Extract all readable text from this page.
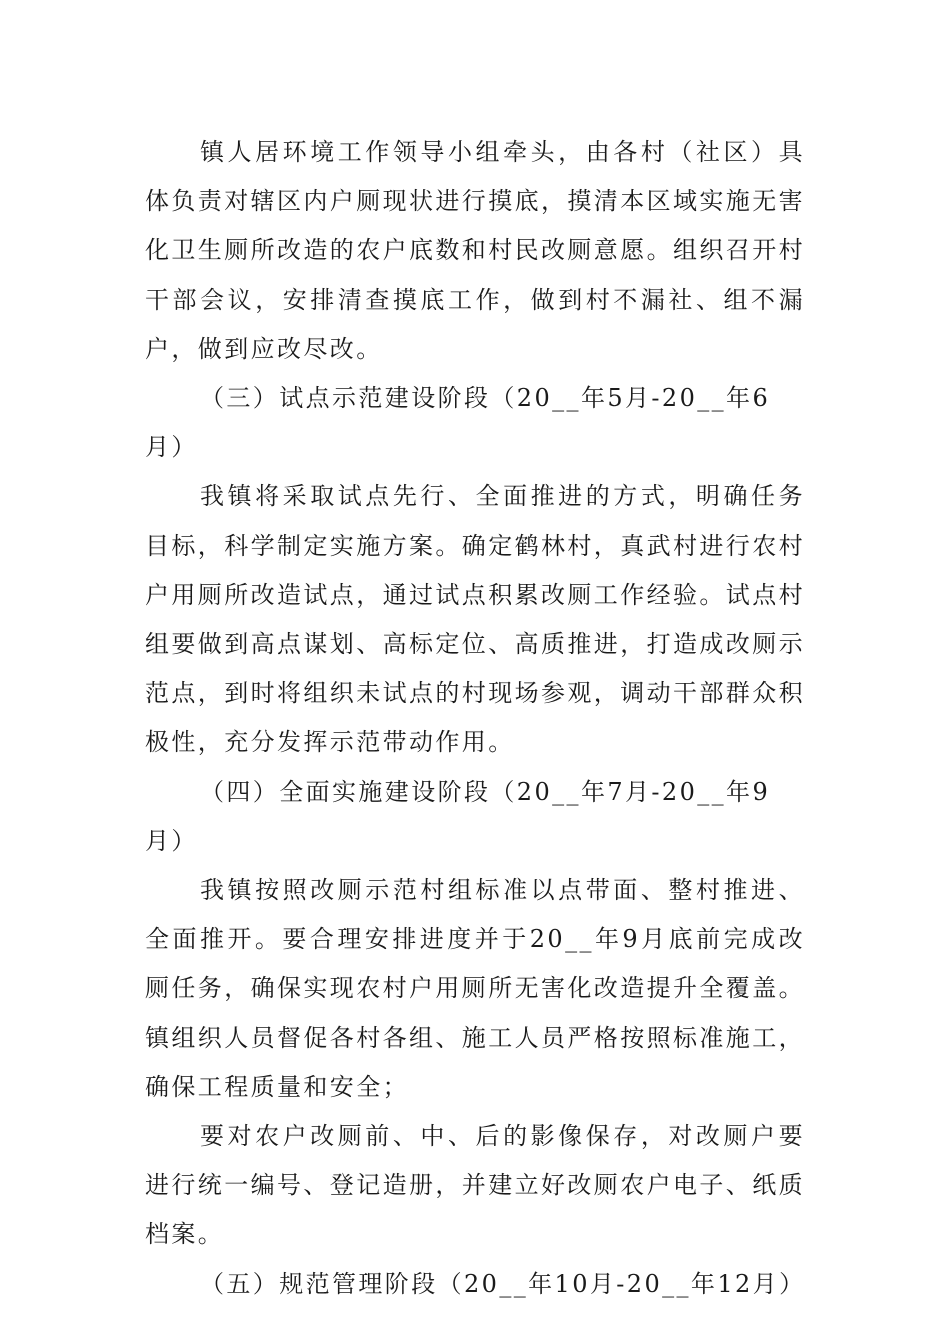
镇人居环境工作领导小组牵头，由各村（社区）具体负责对辖区内户厕现状进行摸底，摸清本区域实施无害化卫生厕所改造的农户底数和村民改厕意愿。组织召开村干部会议，安排清查摸底工作，做到村不漏社、组不漏户，做到应改尽改。

（三）试点示范建设阶段（20__年5月-20__年6月）

我镇将采取试点先行、全面推进的方式，明确任务目标，科学制定实施方案。确定鹤林村，真武村进行农村户用厕所改造试点，通过试点积累改厕工作经验。试点村组要做到高点谋划、高标定位、高质推进，打造成改厕示范点，到时将组织未试点的村现场参观，调动干部群众积极性，充分发挥示范带动作用。

（四）全面实施建设阶段（20__年7月-20__年9月）

我镇按照改厕示范村组标准以点带面、整村推进、全面推开。要合理安排进度并于20__年9月底前完成改厕任务，确保实现农村户用厕所无害化改造提升全覆盖。镇组织人员督促各村各组、施工人员严格按照标准施工，确保工程质量和安全；

要对农户改厕前、中、后的影像保存，对改厕户要进行统一编号、登记造册，并建立好改厕农户电子、纸质档案。

（五）规范管理阶段（20__年10月-20__年12月）
